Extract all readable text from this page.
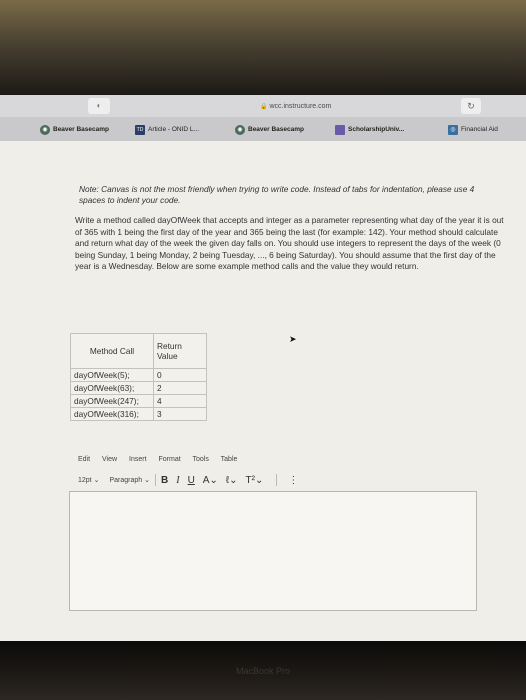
◐	🔒 wcc.instructure.com	↻
◉ Beaver Basecamp	TD Article - ONID L...	◉ Beaver Basecamp	ScholarshipUniv...	◎ Financial Aid
Note: Canvas is not the most friendly when trying to write code. Instead of tabs for indentation, please use 4 spaces to indent your code.
Write a method called dayOfWeek that accepts and integer as a parameter representing what day of the year it is out of 365 with 1 being the first day of the year and 365 being the last (for example: 142). Your method should calculate and return what day of the week the given day falls on. You should use integers to represent the days of the week (0 being Sunday, 1 being Monday, 2 being Tuesday, ..., 6 being Saturday). You should assume that the first day of the year is a Wednesday. Below are some example method calls and the value they would return.
Method Call	Return Value
dayOfWeek(5);	0
dayOfWeek(63);	2
dayOfWeek(247);	4
dayOfWeek(316);	3
➤
Edit View Insert Format Tools Table
12pt ⌄ Paragraph ⌄ B I U A⌄ ℓ⌄ T²⌄	⋮
MacBook Pro
